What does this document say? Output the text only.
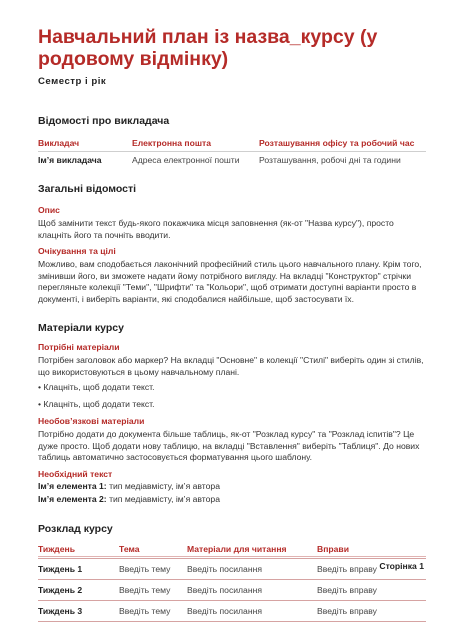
Навчальний план із назва_курсу (у родовому відмінку)
Семестр і рік
Відомості про викладача
Викладач	Електронна пошта	Розташування офісу та робочий час
Ім’я викладача	Адреса електронної пошти	Розташування, робочі дні та години
Загальні відомості
Опис

Щоб замінити текст будь-якого покажчика місця заповнення (як-от "Назва курсу"), просто клацніть його та почніть вводити.

Очікування та цілі

Можливо, вам сподобається лаконічний професійний стиль цього навчального плану. Крім того, змінивши його, ви зможете надати йому потрібного вигляду. На вкладці "Конструктор" стрічки перегляньте колекції "Теми", "Шрифти" та "Кольори", щоб отримати доступні варіанти просто в документі, і виберіть варіанти, які сподобалися найбільше, щоб застосувати їх.

Матеріали курсу
Потрібні матеріали

Потрібен заголовок або маркер? На вкладці "Основне" в колекції "Стилі" виберіть один зі стилів, що використовуються в цьому навчальному плані.

• Клацніть, щоб додати текст.
• Клацніть, щоб додати текст.
Необов’язкові матеріали

Потрібно додати до документа більше таблиць, як-от "Розклад курсу" та "Розклад іспитів"? Це дуже просто. Щоб додати нову таблицю, на вкладці "Вставлення" виберіть "Таблиця". До нових таблиць автоматично застосовується форматування цього шаблону.

Необхідний текст
Ім’я елемента 1: тип медіавмісту, ім’я автора
Ім’я елемента 2: тип медіавмісту, ім’я автора
Розклад курсу
Тиждень	Тема	Матеріали для читання	Вправи
Тиждень 1	Введіть тему	Введіть посилання	Введіть вправу
Тиждень 2	Введіть тему	Введіть посилання	Введіть вправу
Тиждень 3	Введіть тему	Введіть посилання	Введіть вправу
Сторінка 1
